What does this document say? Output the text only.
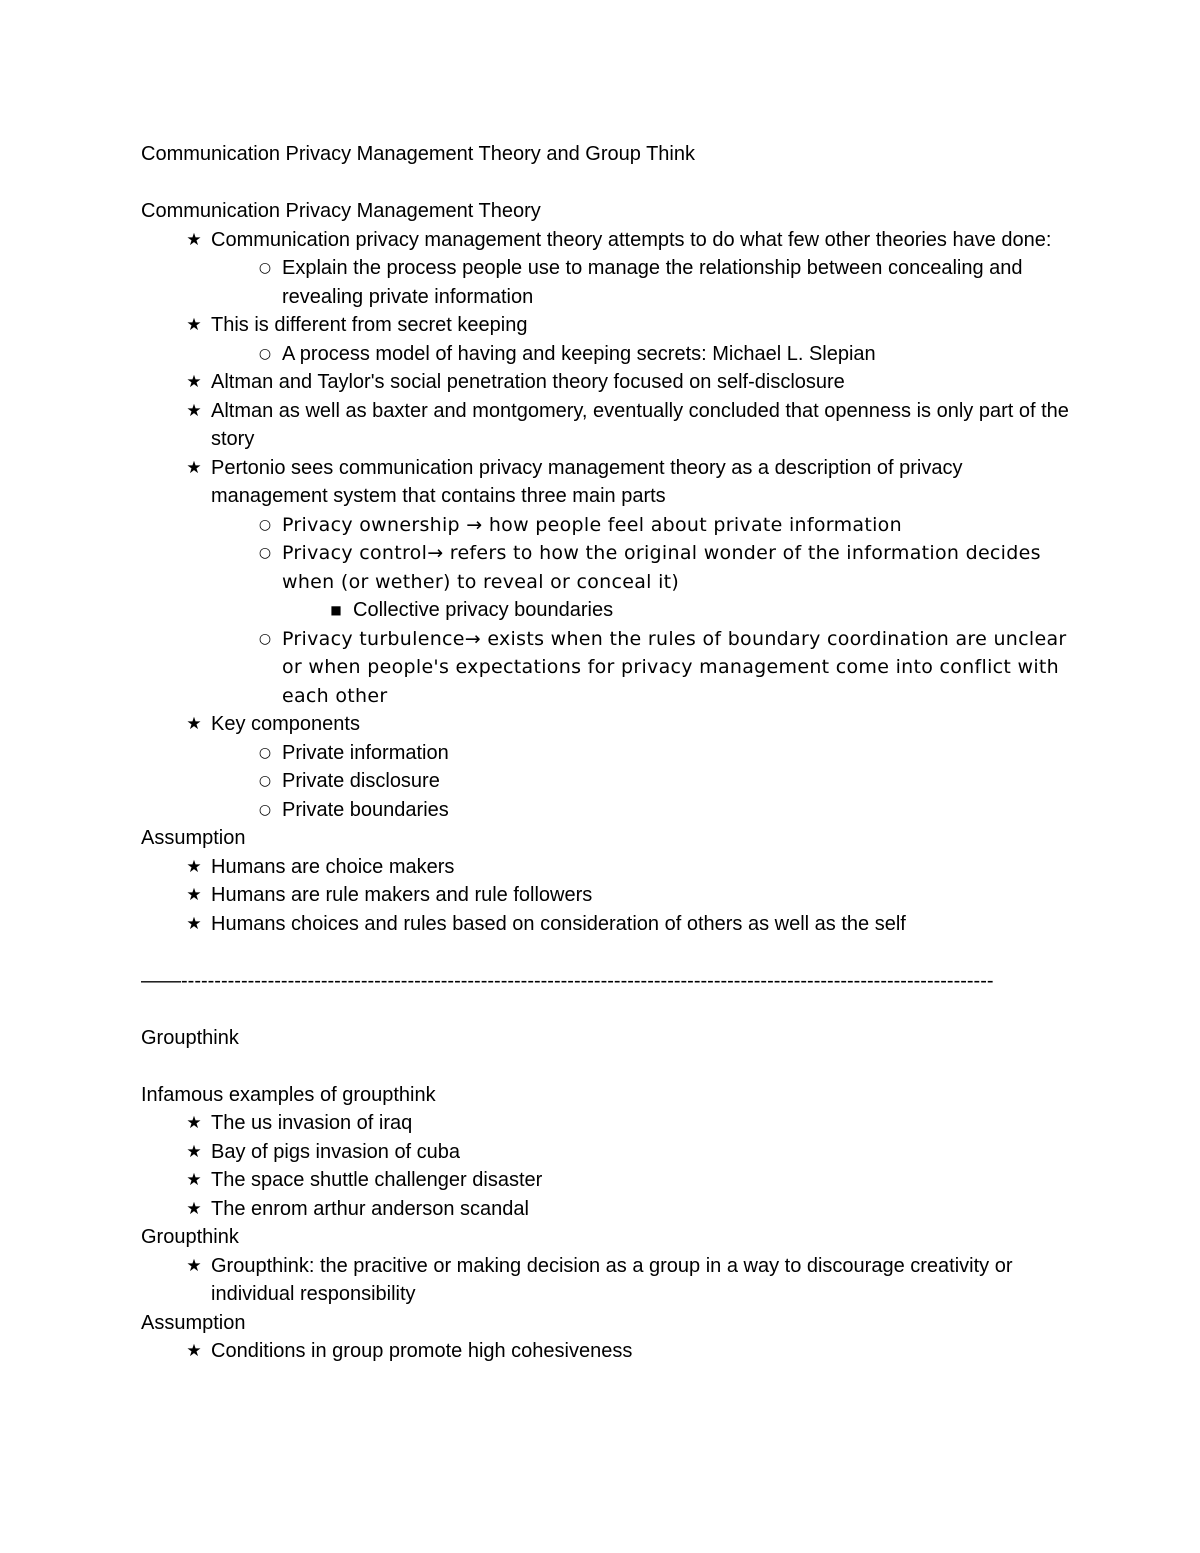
Communication Privacy Management Theory and Group Think

Communication Privacy Management Theory

★ Communication privacy management theory attempts to do what few other theories have done:
○ Explain the process people use to manage the relationship between concealing and revealing private information
★ This is different from secret keeping
○ A process model of having and keeping secrets: Michael L. Slepian
★ Altman and Taylor's social penetration theory focused on self-disclosure
★ Altman as well as baxter and montgomery, eventually concluded that openness is only part of the story
★ Pertonio sees communication privacy management theory as a description of privacy management system that contains three main parts
○ Privacy ownership → how people feel about private information
○ Privacy control→ refers to how the original wonder of the information decides when (or wether) to reveal or conceal it)
■ Collective privacy boundaries
○ Privacy turbulence→ exists when the rules of boundary coordination are unclear or when people's expectations for privacy management come into conflict with each other
★ Key components
○ Private information
○ Private disclosure
○ Private boundaries

Assumption

★ Humans are choice makers
★ Humans are rule makers and rule followers
★ Humans choices and rules based on consideration of others as well as the self

——--------------------------------------------------------------------------------------------------------------------------

Groupthink

Infamous examples of groupthink

★ The us invasion of iraq
★ Bay of pigs invasion of cuba
★ The space shuttle challenger disaster
★ The enrom arthur anderson scandal

Groupthink

★ Groupthink: the pracitive or making decision as a group in a way to discourage creativity or individual responsibility

Assumption

★ Conditions in group promote high cohesiveness
